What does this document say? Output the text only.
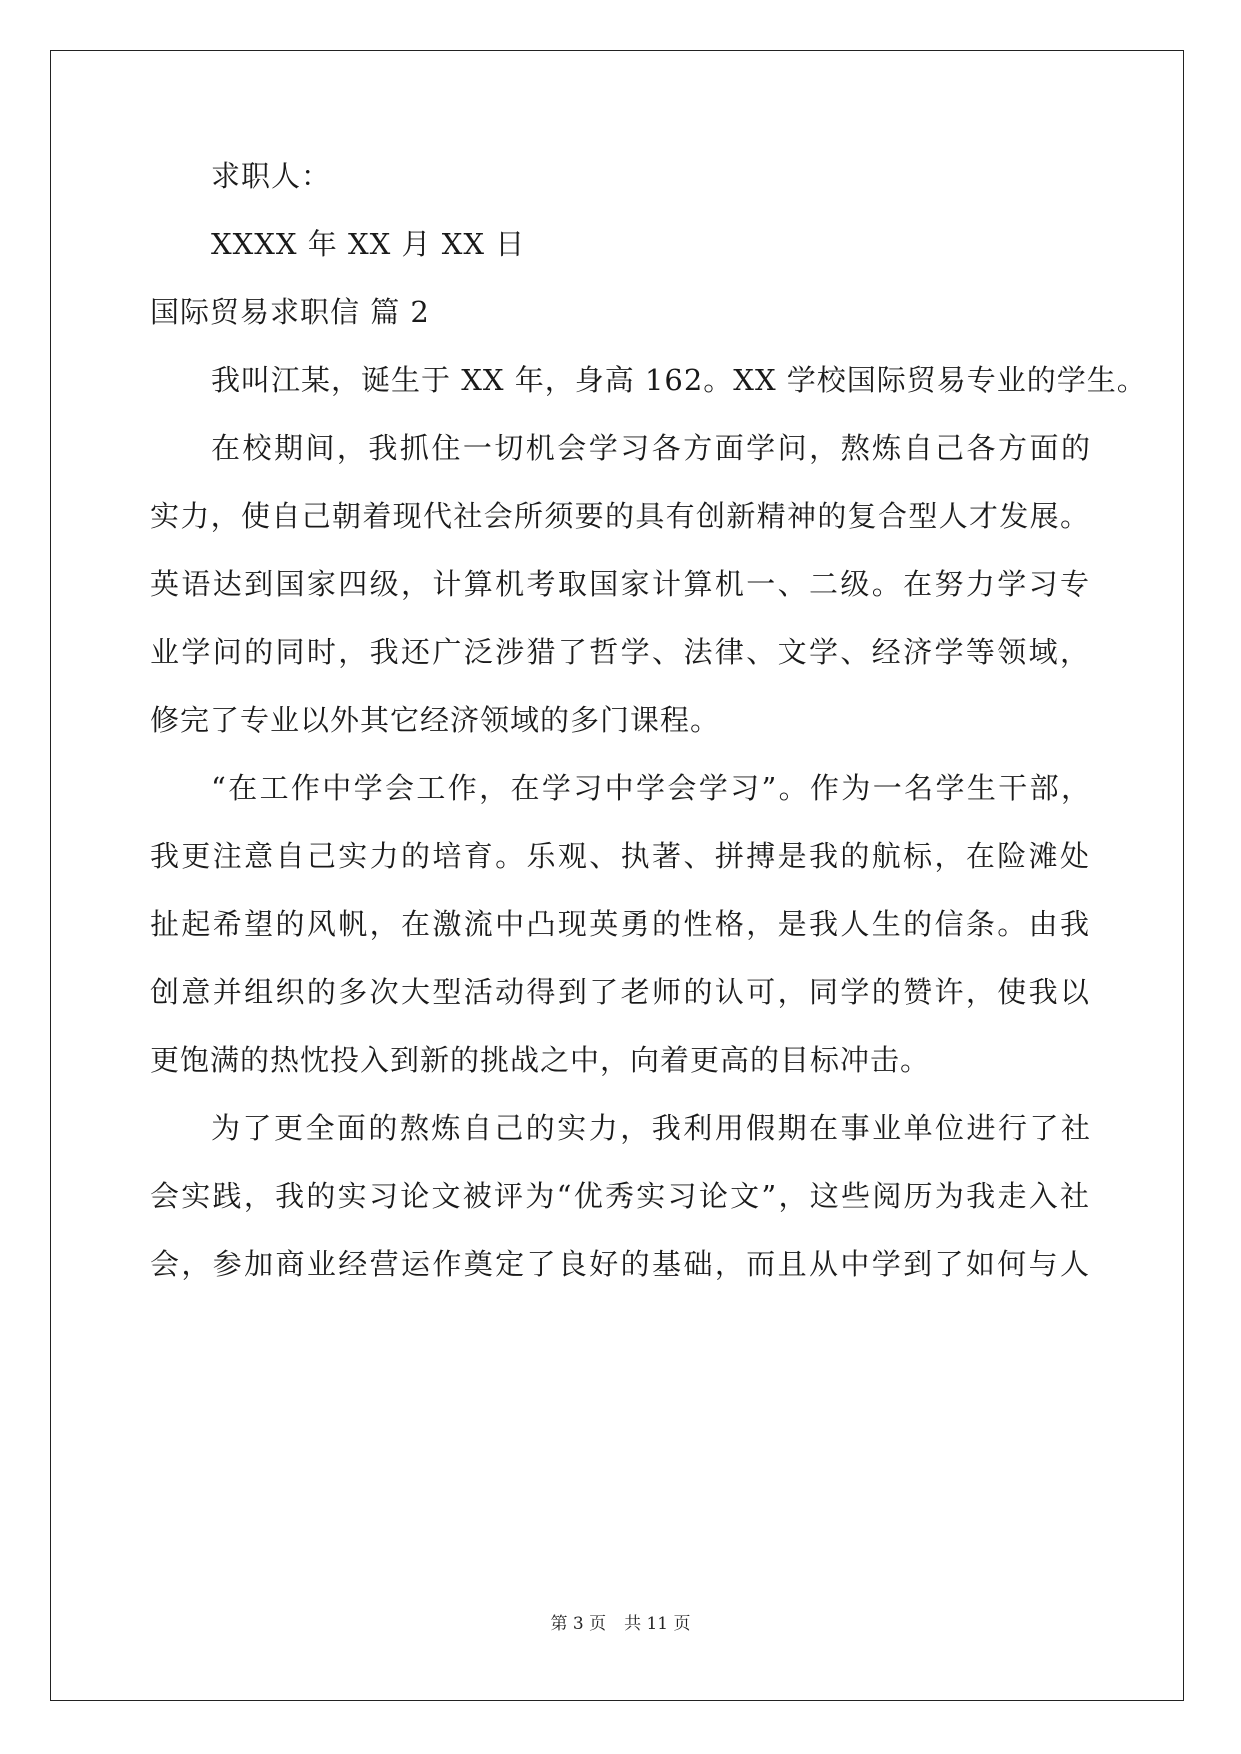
求职人：
XXXX 年 XX 月 XX 日
国际贸易求职信 篇 2
我叫江某，诞生于 XX 年，身高 162。XX 学校国际贸易专业的学生。
在校期间，我抓住一切机会学习各方面学问，熬炼自己各方面的
实力，使自己朝着现代社会所须要的具有创新精神的复合型人才发展。
英语达到国家四级，计算机考取国家计算机一、二级。在努力学习专
业学问的同时，我还广泛涉猎了哲学、法律、文学、经济学等领域，
修完了专业以外其它经济领域的多门课程。
“在工作中学会工作，在学习中学会学习”。作为一名学生干部，
我更注意自己实力的培育。乐观、执著、拼搏是我的航标，在险滩处
扯起希望的风帆，在激流中凸现英勇的性格，是我人生的信条。由我
创意并组织的多次大型活动得到了老师的认可，同学的赞许，使我以
更饱满的热忱投入到新的挑战之中，向着更高的目标冲击。
为了更全面的熬炼自己的实力，我利用假期在事业单位进行了社
会实践，我的实习论文被评为“优秀实习论文”，这些阅历为我走入社
会，参加商业经营运作奠定了良好的基础，而且从中学到了如何与人
第 3 页 共 11 页
